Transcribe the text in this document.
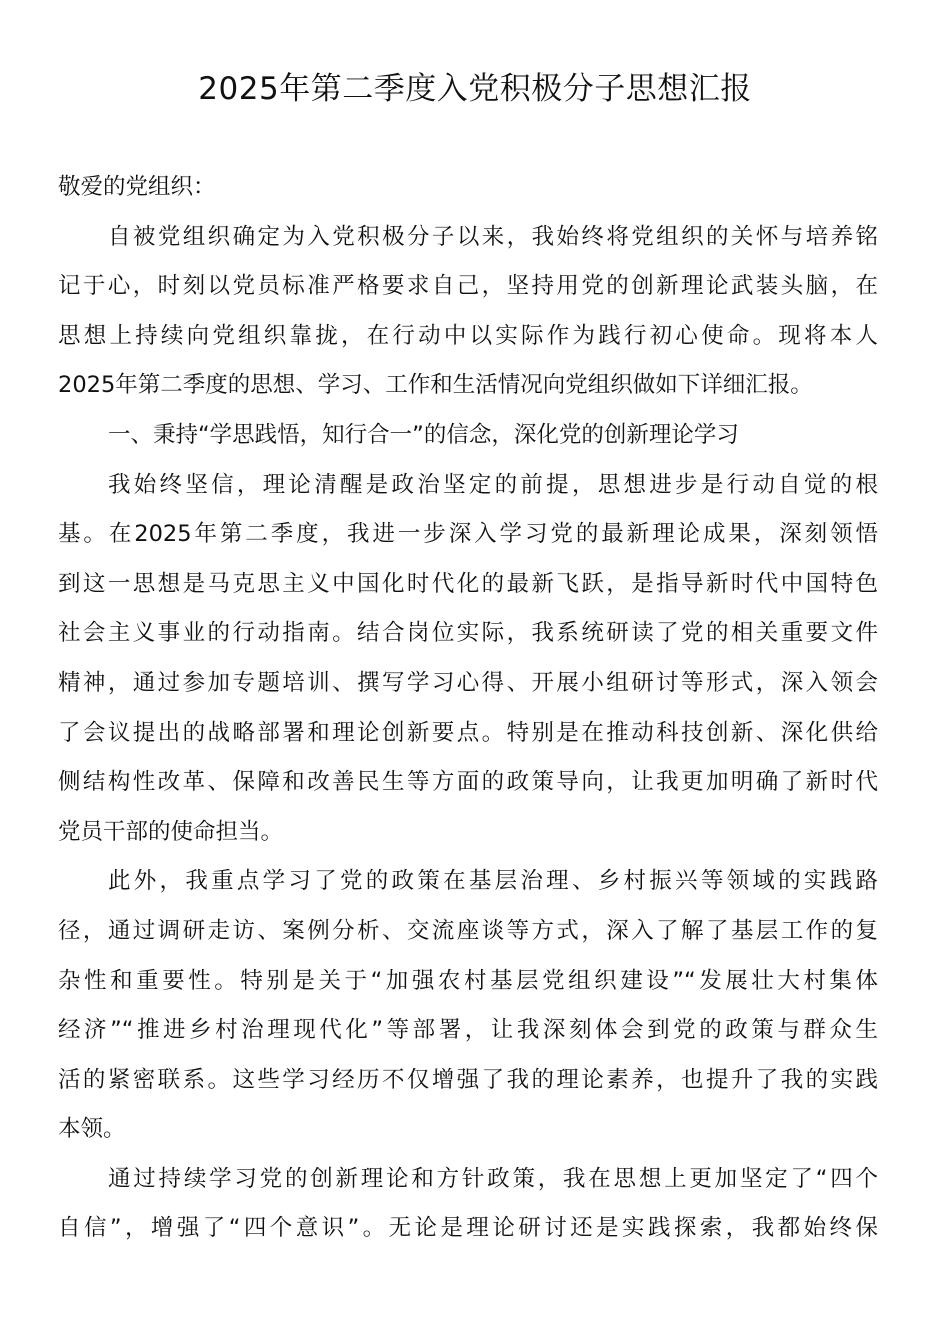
2025年第二季度入党积极分子思想汇报
敬爱的党组织：
自被党组织确定为入党积极分子以来，我始终将党组织的关怀与培养铭
记于心，时刻以党员标准严格要求自己，坚持用党的创新理论武装头脑，在
思想上持续向党组织靠拢，在行动中以实际作为践行初心使命。现将本人
2025年第二季度的思想、学习、工作和生活情况向党组织做如下详细汇报。
一、秉持“学思践悟，知行合一”的信念，深化党的创新理论学习
我始终坚信，理论清醒是政治坚定的前提，思想进步是行动自觉的根
基。在2025年第二季度，我进一步深入学习党的最新理论成果，深刻领悟
到这一思想是马克思主义中国化时代化的最新飞跃，是指导新时代中国特色
社会主义事业的行动指南。结合岗位实际，我系统研读了党的相关重要文件
精神，通过参加专题培训、撰写学习心得、开展小组研讨等形式，深入领会
了会议提出的战略部署和理论创新要点。特别是在推动科技创新、深化供给
侧结构性改革、保障和改善民生等方面的政策导向，让我更加明确了新时代
党员干部的使命担当。
此外，我重点学习了党的政策在基层治理、乡村振兴等领域的实践路
径，通过调研走访、案例分析、交流座谈等方式，深入了解了基层工作的复
杂性和重要性。特别是关于“加强农村基层党组织建设”“发展壮大村集体
经济”“推进乡村治理现代化”等部署，让我深刻体会到党的政策与群众生
活的紧密联系。这些学习经历不仅增强了我的理论素养，也提升了我的实践
本领。
通过持续学习党的创新理论和方针政策，我在思想上更加坚定了“四个
自信”，增强了“四个意识”。无论是理论研讨还是实践探索，我都始终保
